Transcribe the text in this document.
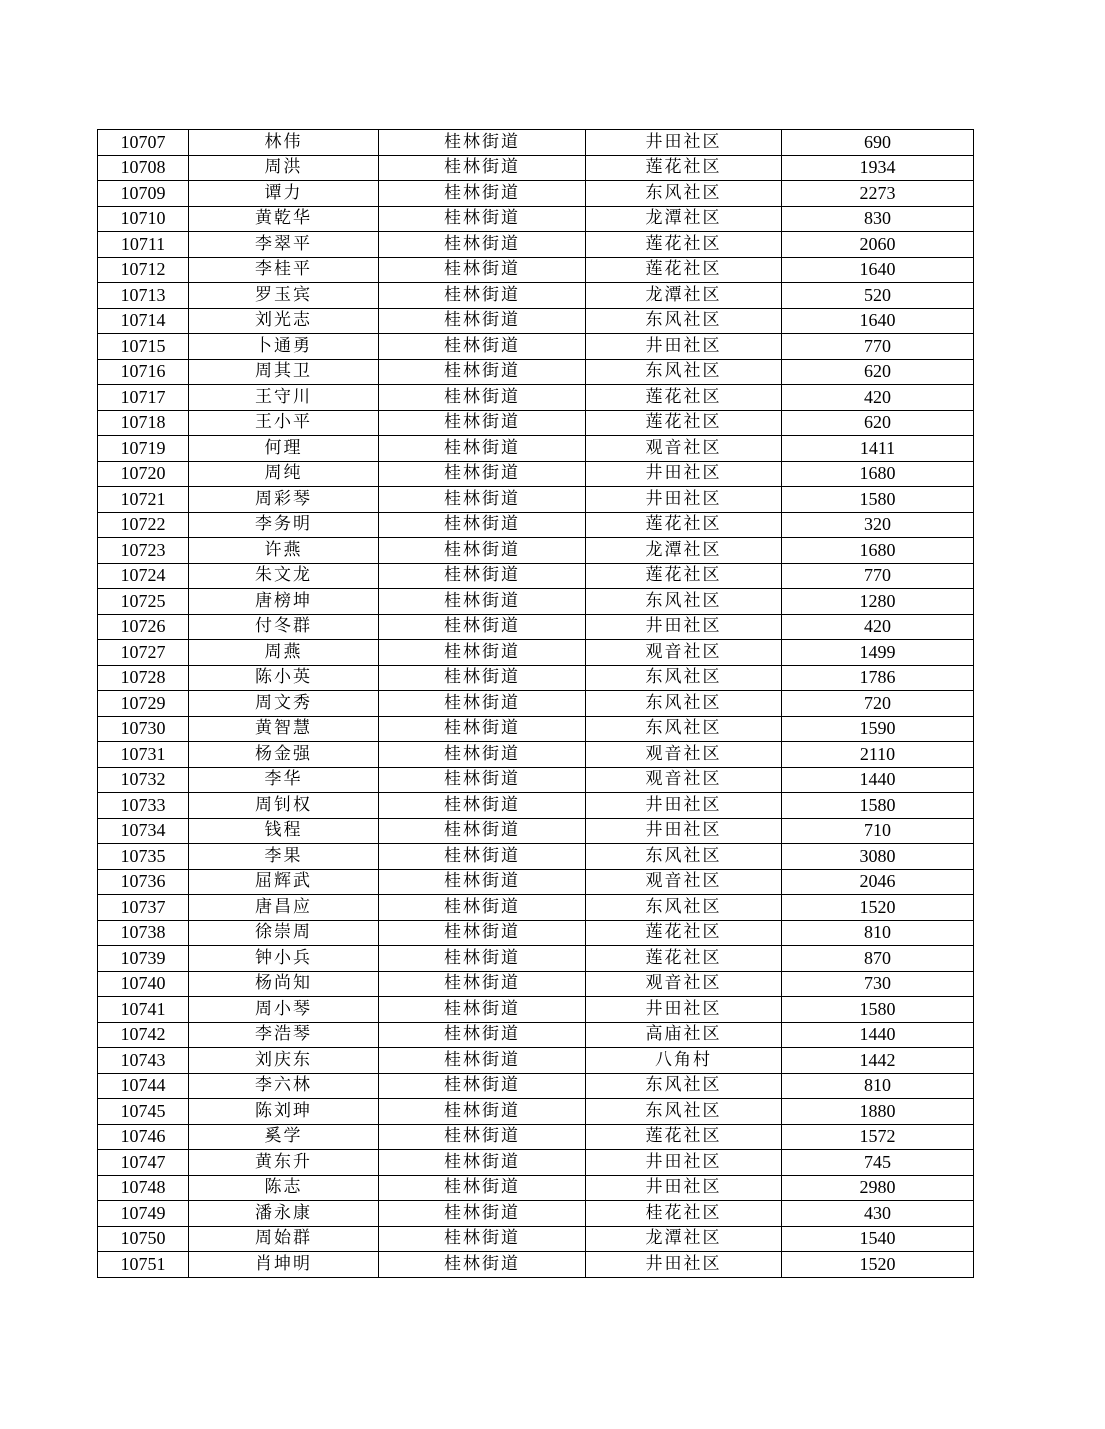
10707	林伟	桂林街道	井田社区	690
10708	周洪	桂林街道	莲花社区	1934
10709	谭力	桂林街道	东风社区	2273
10710	黄乾华	桂林街道	龙潭社区	830
10711	李翠平	桂林街道	莲花社区	2060
10712	李桂平	桂林街道	莲花社区	1640
10713	罗玉宾	桂林街道	龙潭社区	520
10714	刘光志	桂林街道	东风社区	1640
10715	卜通勇	桂林街道	井田社区	770
10716	周其卫	桂林街道	东风社区	620
10717	王守川	桂林街道	莲花社区	420
10718	王小平	桂林街道	莲花社区	620
10719	何理	桂林街道	观音社区	1411
10720	周纯	桂林街道	井田社区	1680
10721	周彩琴	桂林街道	井田社区	1580
10722	李务明	桂林街道	莲花社区	320
10723	许燕	桂林街道	龙潭社区	1680
10724	朱文龙	桂林街道	莲花社区	770
10725	唐榜坤	桂林街道	东风社区	1280
10726	付冬群	桂林街道	井田社区	420
10727	周燕	桂林街道	观音社区	1499
10728	陈小英	桂林街道	东风社区	1786
10729	周文秀	桂林街道	东风社区	720
10730	黄智慧	桂林街道	东风社区	1590
10731	杨金强	桂林街道	观音社区	2110
10732	李华	桂林街道	观音社区	1440
10733	周钊权	桂林街道	井田社区	1580
10734	钱程	桂林街道	井田社区	710
10735	李果	桂林街道	东风社区	3080
10736	屈辉武	桂林街道	观音社区	2046
10737	唐昌应	桂林街道	东风社区	1520
10738	徐崇周	桂林街道	莲花社区	810
10739	钟小兵	桂林街道	莲花社区	870
10740	杨尚知	桂林街道	观音社区	730
10741	周小琴	桂林街道	井田社区	1580
10742	李浩琴	桂林街道	高庙社区	1440
10743	刘庆东	桂林街道	八角村	1442
10744	李六林	桂林街道	东风社区	810
10745	陈刘珅	桂林街道	东风社区	1880
10746	奚学	桂林街道	莲花社区	1572
10747	黄东升	桂林街道	井田社区	745
10748	陈志	桂林街道	井田社区	2980
10749	潘永康	桂林街道	桂花社区	430
10750	周始群	桂林街道	龙潭社区	1540
10751	肖坤明	桂林街道	井田社区	1520
